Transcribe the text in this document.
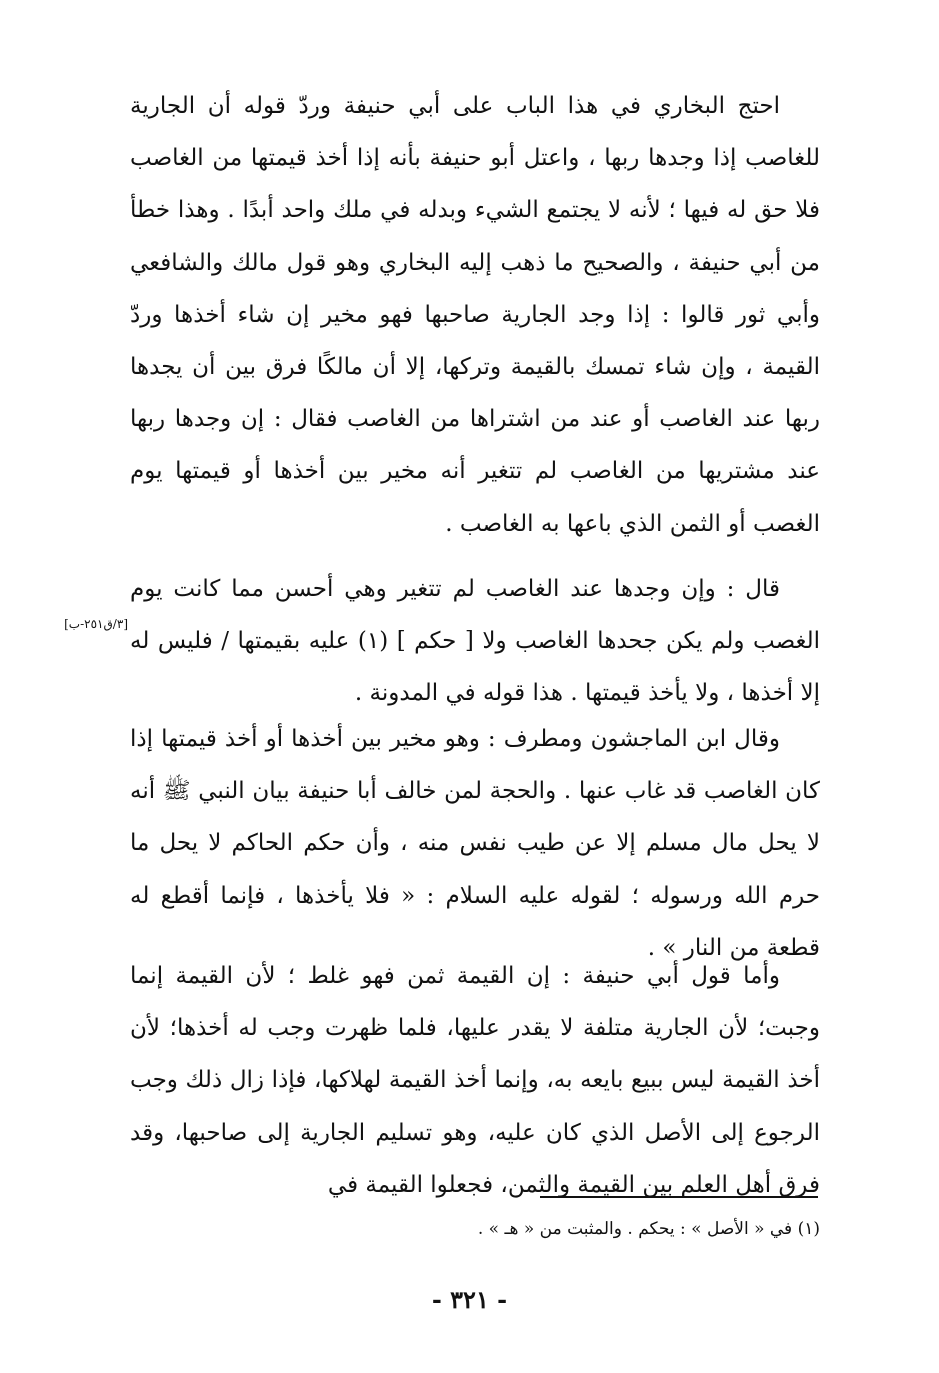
احتج البخاري في هذا الباب على أبي حنيفة وردّ قوله أن الجارية للغاصب إذا وجدها ربها ، واعتل أبو حنيفة بأنه إذا أخذ قيمتها من الغاصب فلا حق له فيها ؛ لأنه لا يجتمع الشيء وبدله في ملك واحد أبدًا . وهذا خطأ من أبي حنيفة ، والصحيح ما ذهب إليه البخاري وهو قول مالك والشافعي وأبي ثور قالوا : إذا وجد الجارية صاحبها فهو مخير إن شاء أخذها وردّ القيمة ، وإن شاء تمسك بالقيمة وتركها، إلا أن مالكًا فرق بين أن يجدها ربها عند الغاصب أو عند من اشتراها من الغاصب فقال : إن وجدها ربها عند مشتريها من الغاصب لم تتغير أنه مخير بين أخذها أو قيمتها يوم الغصب أو الثمن الذي باعها به الغاصب .

قال : وإن وجدها عند الغاصب لم تتغير وهي أحسن مما كانت يوم الغصب ولم يكن جحدها الغاصب ولا [ حكم ] (١) عليه بقيمتها / فليس له إلا أخذها ، ولا يأخذ قيمتها . هذا قوله في المدونة .

[٣/ق٢٥١-ب]

وقال ابن الماجشون ومطرف : وهو مخير بين أخذها أو أخذ قيمتها إذا كان الغاصب قد غاب عنها . والحجة لمن خالف أبا حنيفة بيان النبي ﷺ أنه لا يحل مال مسلم إلا عن طيب نفس منه ، وأن حكم الحاكم لا يحل ما حرم الله ورسوله ؛ لقوله عليه السلام : « فلا يأخذها ، فإنما أقطع له قطعة من النار » .

وأما قول أبي حنيفة : إن القيمة ثمن فهو غلط ؛ لأن القيمة إنما وجبت؛ لأن الجارية متلفة لا يقدر عليها، فلما ظهرت وجب له أخذها؛ لأن أخذ القيمة ليس ببيع بايعه به، وإنما أخذ القيمة لهلاكها، فإذا زال ذلك وجب الرجوع إلى الأصل الذي كان عليه، وهو تسليم الجارية إلى صاحبها، وقد فرق أهل العلم بين القيمة والثمن، فجعلوا القيمة في

(١) في « الأصل » : يحكم . والمثبت من « هـ » .
- ٣٢١ -
